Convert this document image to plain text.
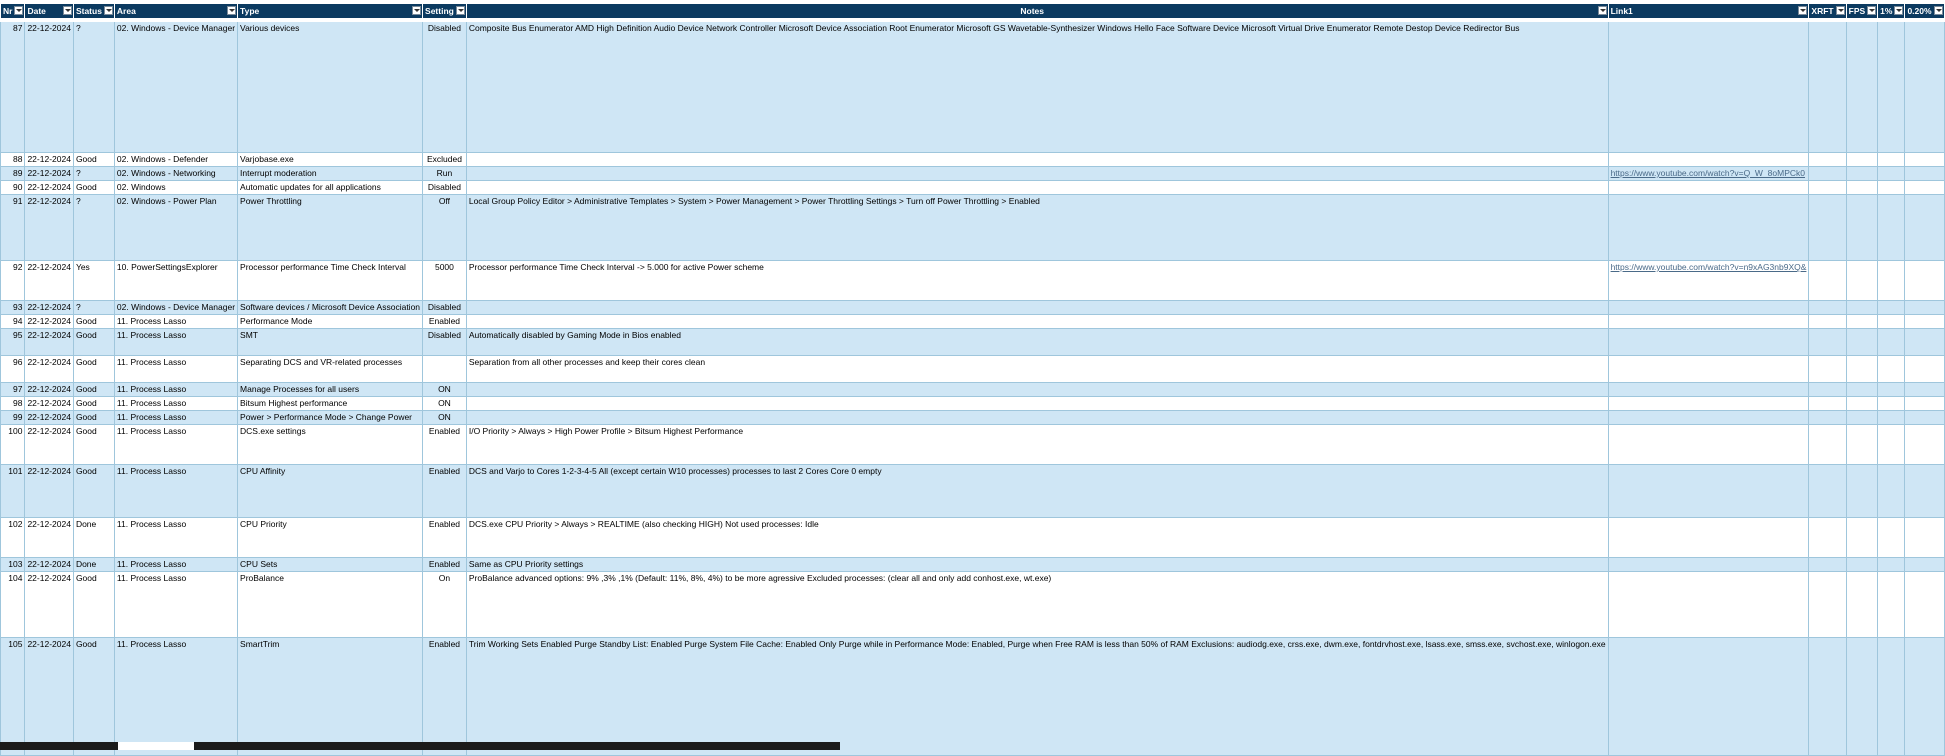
Nr	Date	Status	Area	Type	Setting	Notes	Link1	XRFT	FPS	1%	0.20%

87	22-12-2024	?	02. Windows - Device Manager	Various devices	Disabled	Composite Bus Enumerator AMD High Definition Audio Device Network Controller Microsoft Device Association Root Enumerator Microsoft GS Wavetable-Synthesizer Windows Hello Face Software Device Microsoft Virtual Drive Enumerator Remote Destop Device Redirector Bus	

88	22-12-2024	Good	02. Windows - Defender	Varjobase.exe	Excluded						

89	22-12-2024	?	02. Windows - Networking	Interrupt moderation	Run		https://www.youtube.com/watch?v=Q_W_8oMPCk0				

90	22-12-2024	Good	02. Windows	Automatic updates for all applications	Disabled						

91	22-12-2024	?	02. Windows - Power Plan	Power Throttling	Off	Local Group Policy Editor > Administrative Templates > System > Power Management > Power Throttling Settings > Turn off Power Throttling > Enabled	

92	22-12-2024	Yes	10. PowerSettingsExplorer	Processor performance Time Check Interval	5000	Processor performance Time Check Interval -> 5.000 for active Power scheme	https://www.youtube.com/watch?v=n9xAG3nb9XQ&				

93	22-12-2024	?	02. Windows - Device Manager	Software devices / Microsoft Device Association	Disabled						

94	22-12-2024	Good	11. Process Lasso	Performance Mode	Enabled						

95	22-12-2024	Good	11. Process Lasso	SMT	Disabled	Automatically disabled by Gaming Mode in Bios enabled	

96	22-12-2024	Good	11. Process Lasso	Separating DCS and VR-related processes		Separation from all other processes and keep their cores clean	

97	22-12-2024	Good	11. Process Lasso	Manage Processes for all users	ON						

98	22-12-2024	Good	11. Process Lasso	Bitsum Highest performance	ON						

99	22-12-2024	Good	11. Process Lasso	Power > Performance Mode > Change Power	ON						

100	22-12-2024	Good	11. Process Lasso	DCS.exe settings	Enabled	I/O Priority > Always > High Power Profile > Bitsum Highest Performance	

101	22-12-2024	Good	11. Process Lasso	CPU Affinity	Enabled	DCS and Varjo to Cores 1-2-3-4-5 All (except certain W10 processes) processes to last 2 Cores Core 0 empty	

102	22-12-2024	Done	11. Process Lasso	CPU Priority	Enabled	DCS.exe CPU Priority > Always > REALTIME (also checking HIGH) Not used processes: Idle	

103	22-12-2024	Done	11. Process Lasso	CPU Sets	Enabled	Same as CPU Priority settings	

104	22-12-2024	Good	11. Process Lasso	ProBalance	On	ProBalance advanced options: 9% ,3% ,1% (Default: 11%, 8%, 4%) to be more agressive Excluded processes: (clear all and only add conhost.exe, wt.exe)	

105	22-12-2024	Good	11. Process Lasso	SmartTrim	Enabled	Trim Working Sets Enabled Purge Standby List: Enabled Purge System File Cache: Enabled Only Purge while in Performance Mode: Enabled, Purge when Free RAM is less than 50% of RAM Exclusions: audiodg.exe, crss.exe, dwm.exe, fontdrvhost.exe, lsass.exe, smss.exe, svchost.exe, winlogon.exe	
